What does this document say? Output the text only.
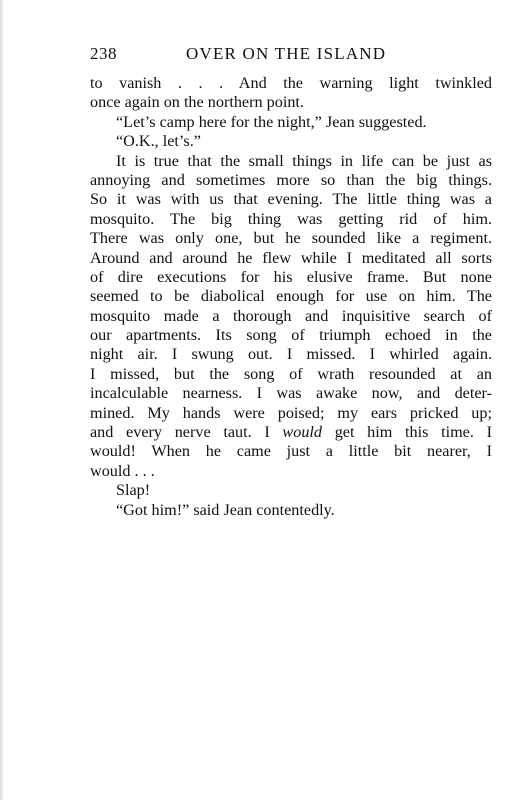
238	OVER ON THE ISLAND
to vanish . . . And the warning light twinkled
once again on the northern point.
“Let’s camp here for the night,” Jean suggested.
“O.K., let’s.”
It is true that the small things in life can be just as
annoying and sometimes more so than the big things.
So it was with us that evening. The little thing was a
mosquito. The big thing was getting rid of him.
There was only one, but he sounded like a regiment.
Around and around he flew while I meditated all sorts
of dire executions for his elusive frame. But none
seemed to be diabolical enough for use on him. The
mosquito made a thorough and inquisitive search of
our apartments. Its song of triumph echoed in the
night air. I swung out. I missed. I whirled again.
I missed, but the song of wrath resounded at an
incalculable nearness. I was awake now, and deter-
mined. My hands were poised; my ears pricked up;
and every nerve taut. I would get him this time. I
would! When he came just a little bit nearer, I
would . . .
Slap!
“Got him!” said Jean contentedly.
